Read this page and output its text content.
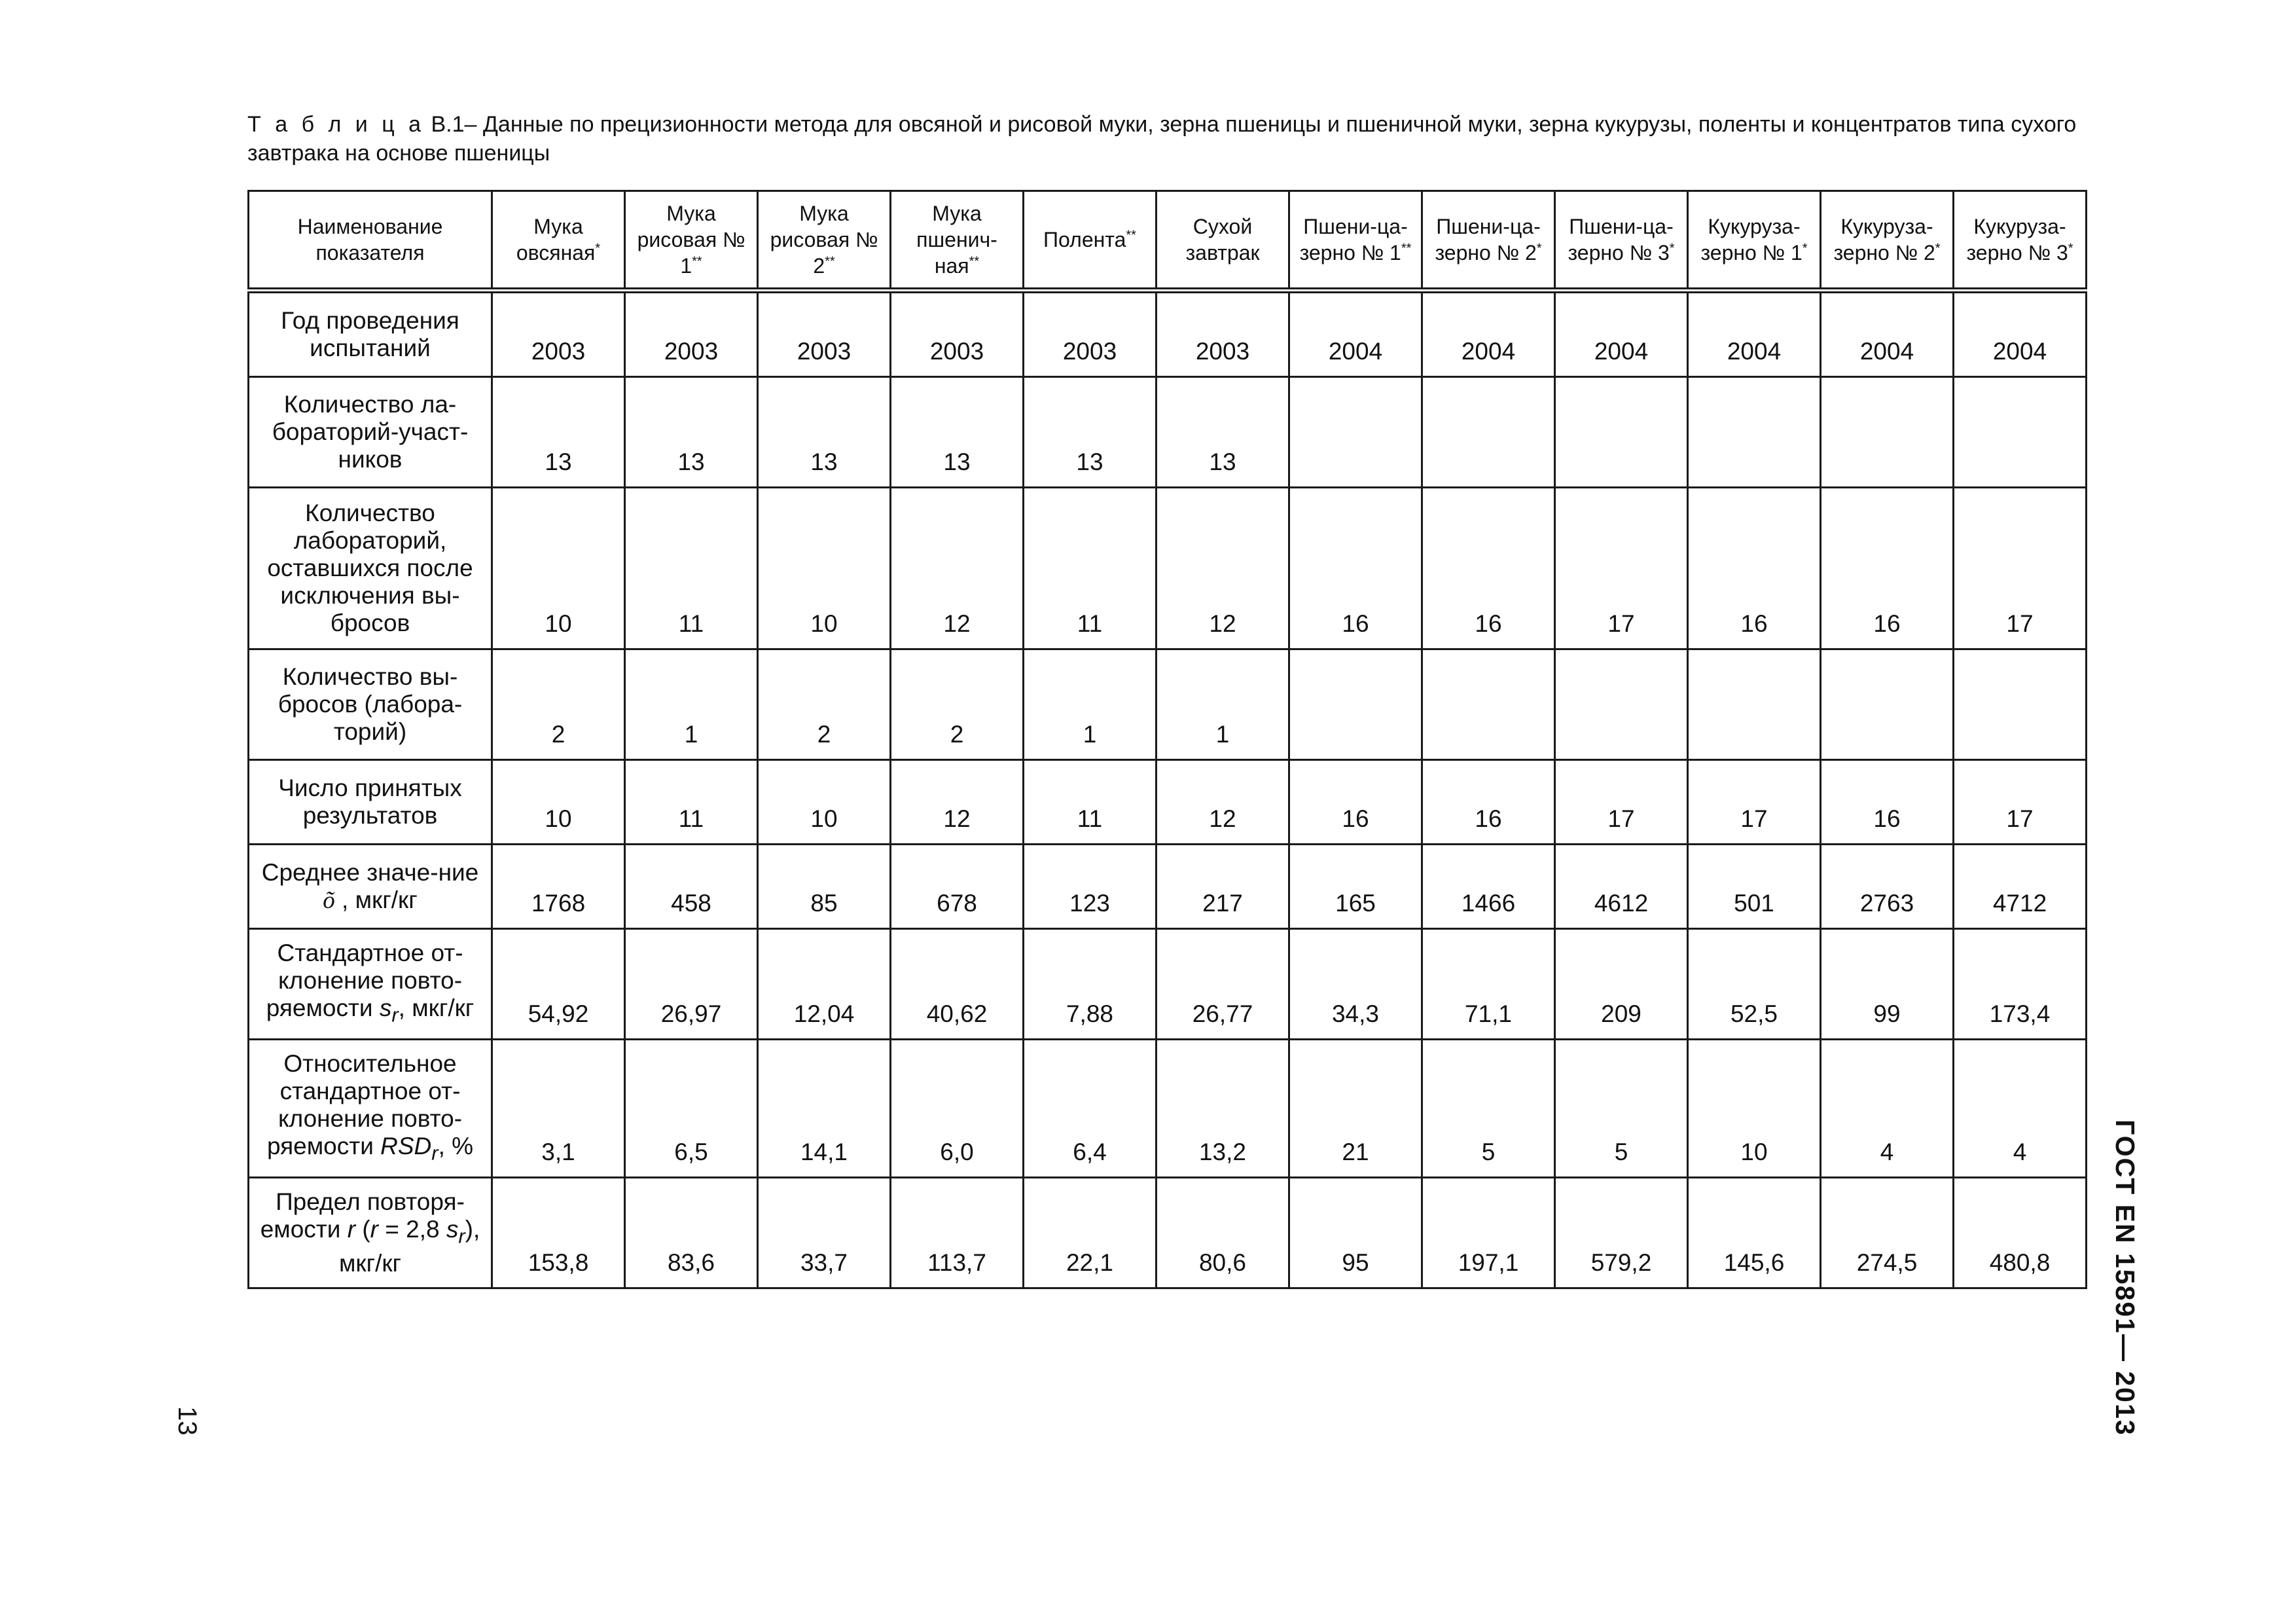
Т а б л и ц а В.1– Данные по прецизионности метода для овсяной и рисовой муки, зерна пшеницы и пшеничной муки, зерна кукурузы, поленты и концентратов типа сухого завтрака на основе пшеницы
Наименование показателя	Мука овсяная*	Мука рисовая № 1**	Мука рисовая № 2**	Мука пшенич-ная**	Полента**	Сухой завтрак	Пшени-ца-зерно № 1**	Пшени-ца-зерно № 2*	Пшени-ца-зерно № 3*	Кукуруза-зерно № 1*	Кукуруза-зерно № 2*	Кукуруза-зерно № 3*
Год проведения испытаний	2003	2003	2003	2003	2003	2003	2004	2004	2004	2004	2004	2004
Количество ла-бораторий-участ-ников	13	13	13	13	13	13						
Количество лабораторий, оставшихся после исключения вы-бросов	10	11	10	12	11	12	16	16	17	16	16	17
Количество вы-бросов (лабора-торий)	2	1	2	2	1	1						
Число принятых результатов	10	11	10	12	11	12	16	16	17	17	16	17
Среднее значе-ние õ , мкг/кг	1768	458	85	678	123	217	165	1466	4612	501	2763	4712
Стандартное от-клонение повто-ряемости $s_r$, мкг/кг	54,92	26,97	12,04	40,62	7,88	26,77	34,3	71,1	209	52,5	99	173,4
Относительное стандартное от-клонение повто-ряемости $RSD_r$, %	3,1	6,5	14,1	6,0	6,4	13,2	21	5	5	10	4	4
Предел повторя-емости r (r = 2,8 $s_r$), мкг/кг	153,8	83,6	33,7	113,7	22,1	80,6	95	197,1	579,2	145,6	274,5	480,8 ГОСТ EN 15891— 2013
13
